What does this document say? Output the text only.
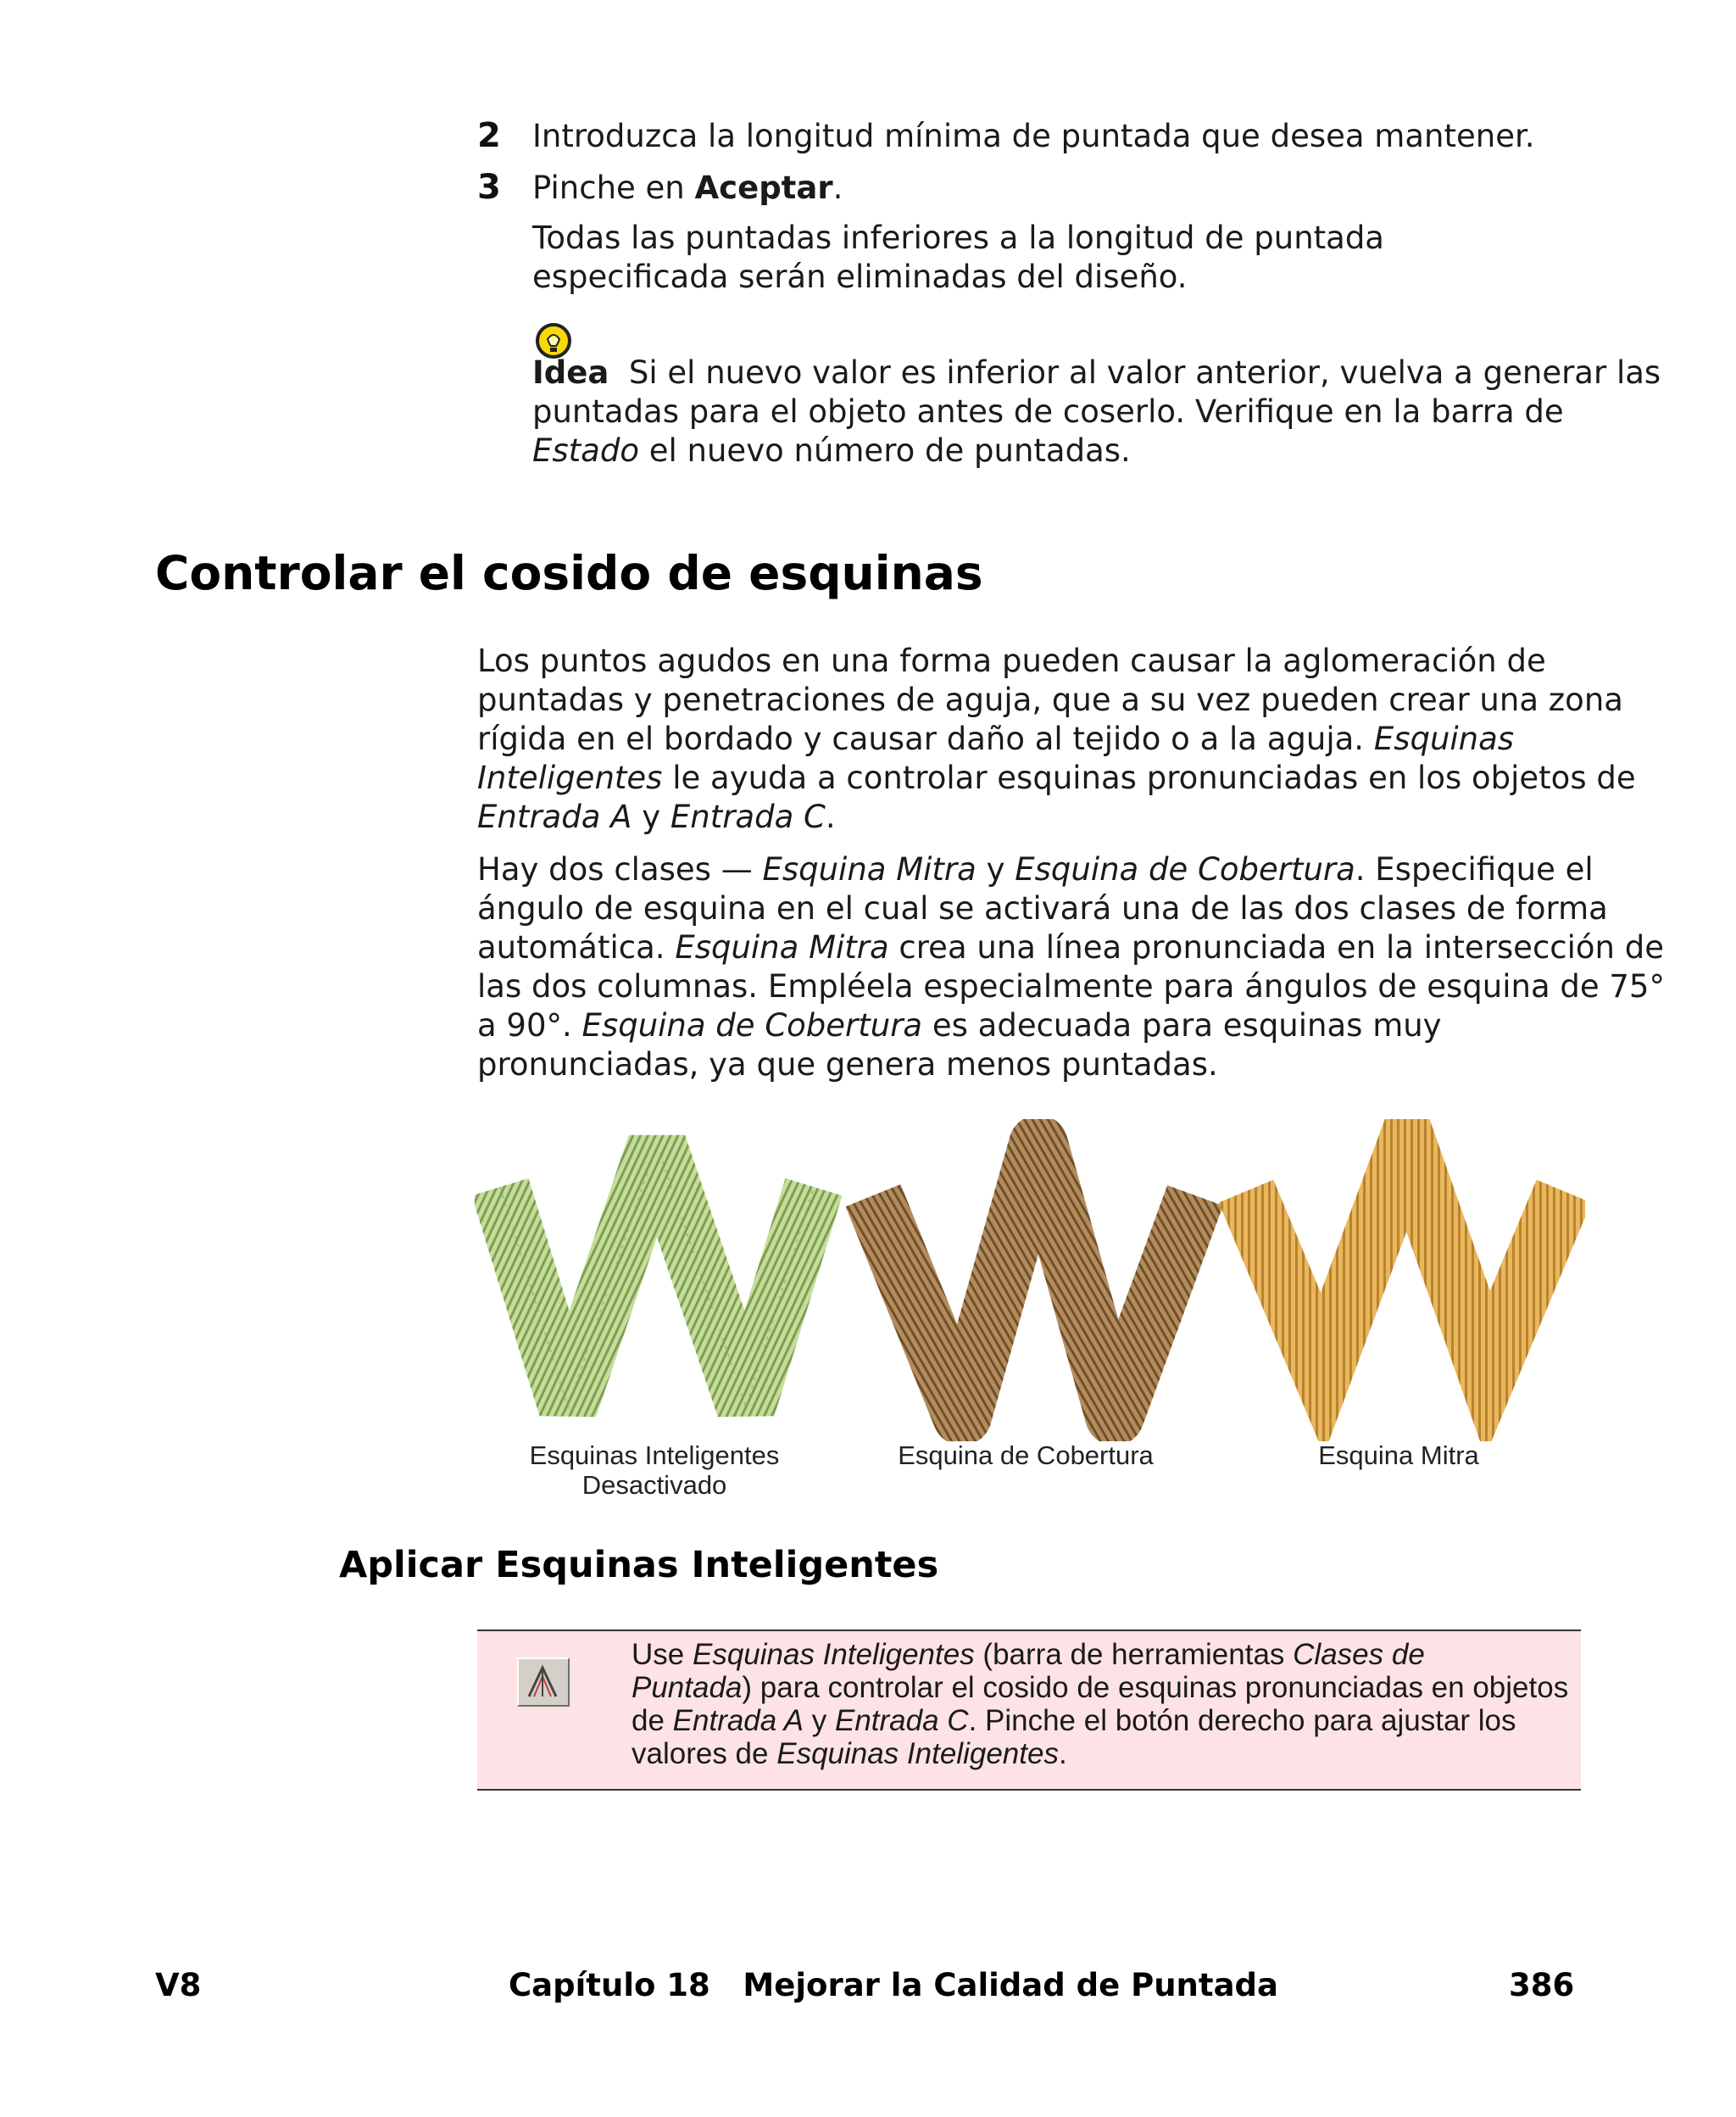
2 Introduzca la longitud mínima de puntada que desea mantener.
3 Pinche en Aceptar.
Todas las puntadas inferiores a la longitud de puntada especificada serán eliminadas del diseño.
Idea Si el nuevo valor es inferior al valor anterior, vuelva a generar las
puntadas para el objeto antes de coserlo. Verifique en la barra de
Estado el nuevo número de puntadas.
Controlar el cosido de esquinas
Los puntos agudos en una forma pueden causar la aglomeración de
puntadas y penetraciones de aguja, que a su vez pueden crear una zona
rígida en el bordado y causar daño al tejido o a la aguja. Esquinas
Inteligentes le ayuda a controlar esquinas pronunciadas en los objetos de
Entrada A y Entrada C.
Hay dos clases — Esquina Mitra y Esquina de Cobertura. Especifique el
ángulo de esquina en el cual se activará una de las dos clases de forma
automática. Esquina Mitra crea una línea pronunciada en la intersección de
las dos columnas. Empléela especialmente para ángulos de esquina de 75°
a 90°. Esquina de Cobertura es adecuada para esquinas muy
pronunciadas, ya que genera menos puntadas.
Esquinas Inteligentes
Desactivado
Esquina de Cobertura	Esquina Mitra
Aplicar Esquinas Inteligentes
Use Esquinas Inteligentes (barra de herramientas Clases de
Puntada) para controlar el cosido de esquinas pronunciadas en objetos
de Entrada A y Entrada C. Pinche el botón derecho para ajustar los
valores de Esquinas Inteligentes.
V8	Capítulo 18   Mejorar la Calidad de Puntada	386
